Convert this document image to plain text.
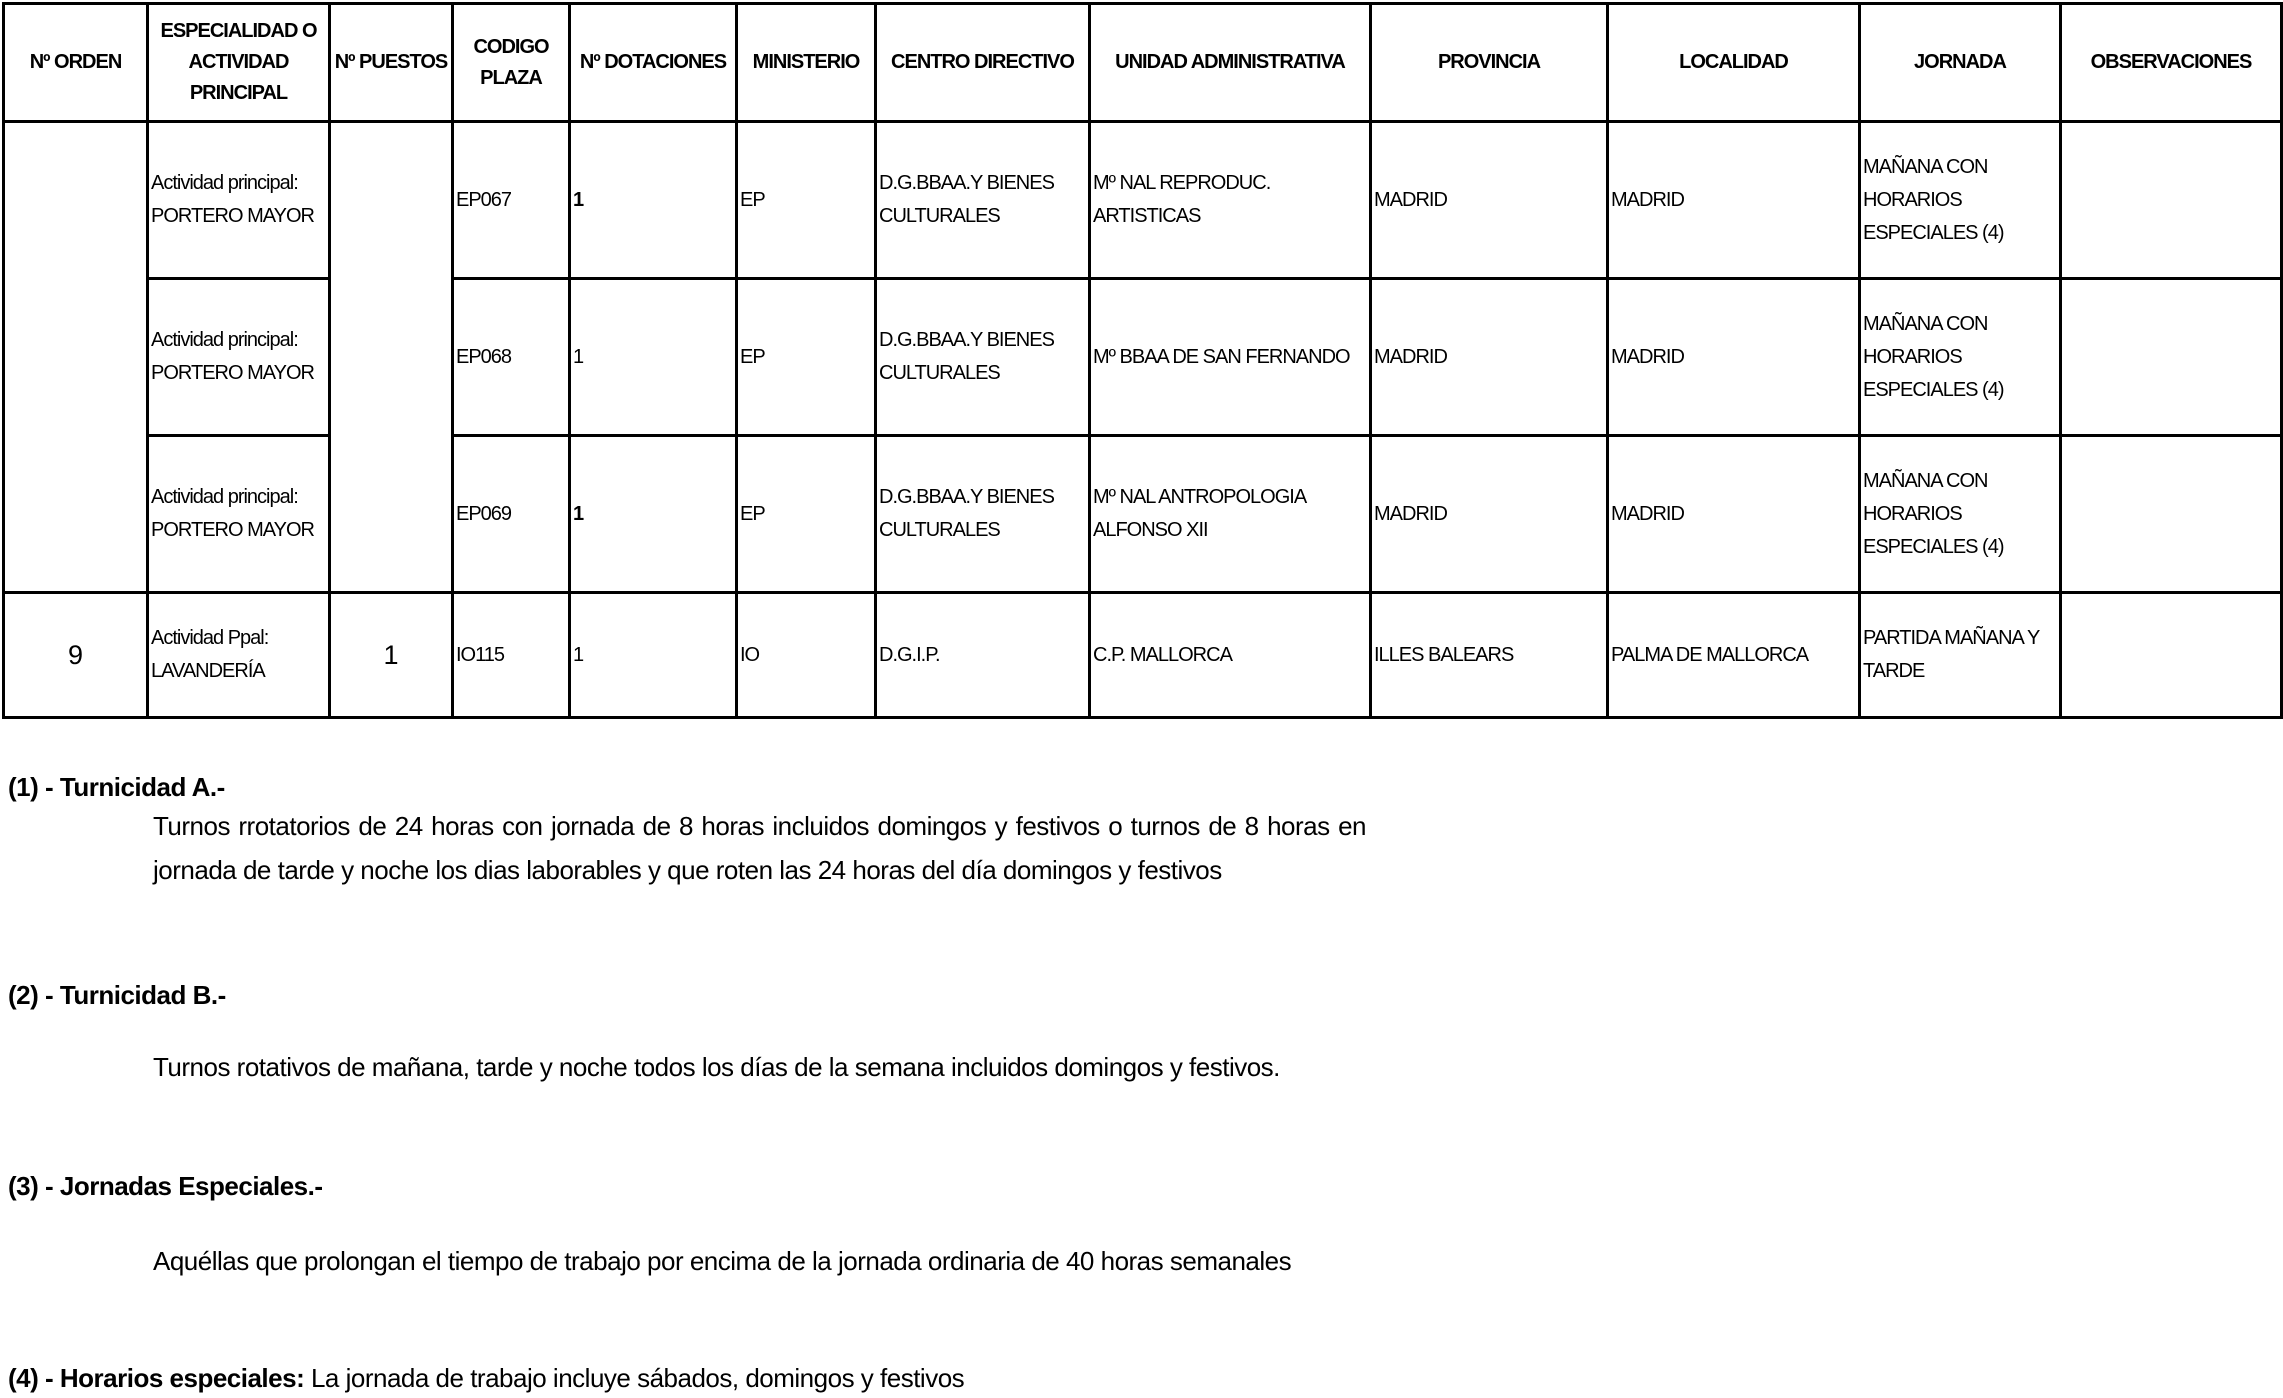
Nº ORDEN	ESPECIALIDAD O ACTIVIDAD PRINCIPAL	Nº PUESTOS	CODIGO PLAZA	Nº DOTACIONES	MINISTERIO	CENTRO DIRECTIVO	UNIDAD ADMINISTRATIVA	PROVINCIA	LOCALIDAD	JORNADA	OBSERVACIONES
	Actividad principal: PORTERO MAYOR		EP067	1	EP	D.G.BBAA.Y BIENES CULTURALES	Mº NAL REPRODUC. ARTISTICAS	MADRID	MADRID	MAÑANA CON HORARIOS ESPECIALES (4)	
	Actividad principal: PORTERO MAYOR		EP068	1	EP	D.G.BBAA.Y BIENES CULTURALES	Mº BBAA DE SAN FERNANDO	MADRID	MADRID	MAÑANA CON HORARIOS ESPECIALES (4)	
	Actividad principal: PORTERO MAYOR		EP069	1	EP	D.G.BBAA.Y BIENES CULTURALES	Mº NAL ANTROPOLOGIA ALFONSO XII	MADRID	MADRID	MAÑANA CON HORARIOS ESPECIALES (4)	
9	Actividad Ppal: LAVANDERÍA	1	IO115	1	IO	D.G.I.P.	C.P. MALLORCA	ILLES BALEARS	PALMA DE MALLORCA	PARTIDA MAÑANA Y TARDE	
(1) - Turnicidad A.-
Turnos rrotatorios de 24 horas con jornada de 8 horas incluidos domingos y festivos o turnos de 8 horas en jornada de tarde y noche los dias laborables y que roten las 24 horas del día domingos y festivos
(2) - Turnicidad B.-
Turnos rotativos de mañana, tarde y noche todos los días de la semana incluidos domingos y festivos.
(3) - Jornadas Especiales.-
Aquéllas que prolongan el tiempo de trabajo por encima de la jornada ordinaria de 40 horas semanales
(4) - Horarios especiales: La jornada de trabajo incluye sábados, domingos y festivos
